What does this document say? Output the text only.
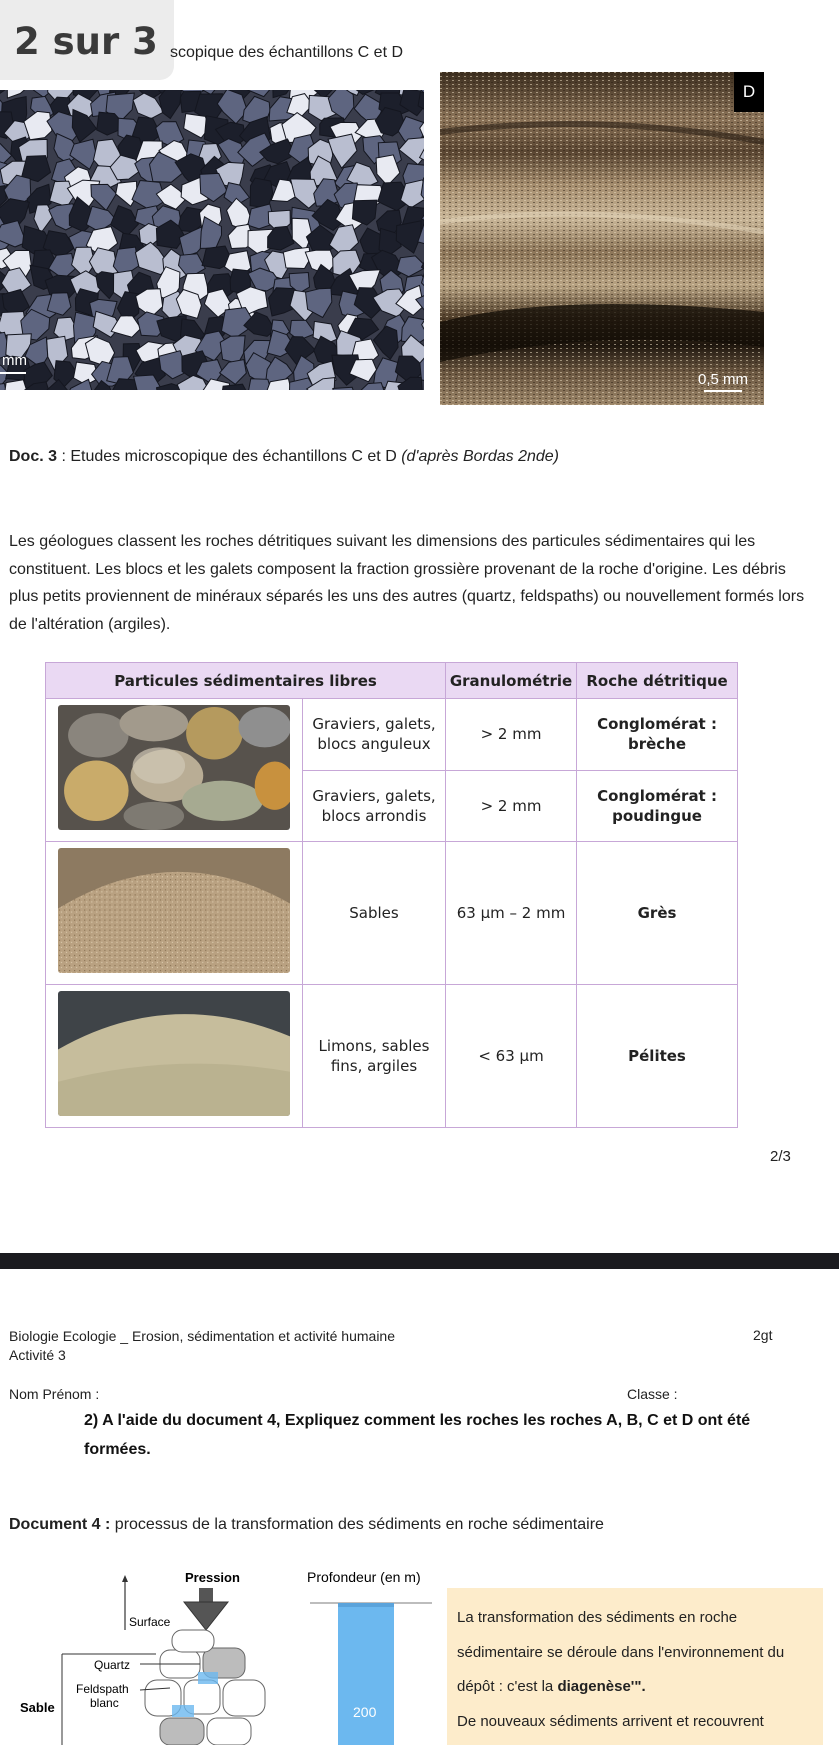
2 sur 3 scopique des échantillons C et D
mm
D
0,5 mm
Doc. 3 : Etudes microscopique des échantillons C et D (d'après Bordas 2nde)
Les géologues classent les roches détritiques suivant les dimensions des particules sédimentaires qui les constituent. Les blocs et les galets composent la fraction grossière provenant de la roche d'origine. Les débris plus petits proviennent de minéraux séparés les uns des autres (quartz, feldspaths) ou nouvellement formés lors de l'altération (argiles).
Particules sédimentaires libres		Granulométrie	Roche détritique
	Graviers, galets, blocs anguleux	> 2 mm	Conglomérat : brèche
	Graviers, galets, blocs arrondis	> 2 mm	Conglomérat : poudingue
	Sables	63 µm – 2 mm	Grès
	Limons, sables fins, argiles	< 63 µm	Pélites
2/3
Biologie Ecologie _ Erosion, sédimentation et activité humaine
Activité 3
2gt
Nom Prénom :	Classe :
2) A l'aide du document 4, Expliquez comment les roches les roches A, B, C et D ont été formées.
Document 4 : processus de la transformation des sédiments en roche sédimentaire
Pression
Surface
Quartz
Feldspath
blanc
Sable
Profondeur (en m)
200
La transformation des sédiments en roche
sédimentaire se déroule dans l'environnement du
dépôt : c'est la diagenèse'".
De nouveaux sédiments arrivent et recouvrent
